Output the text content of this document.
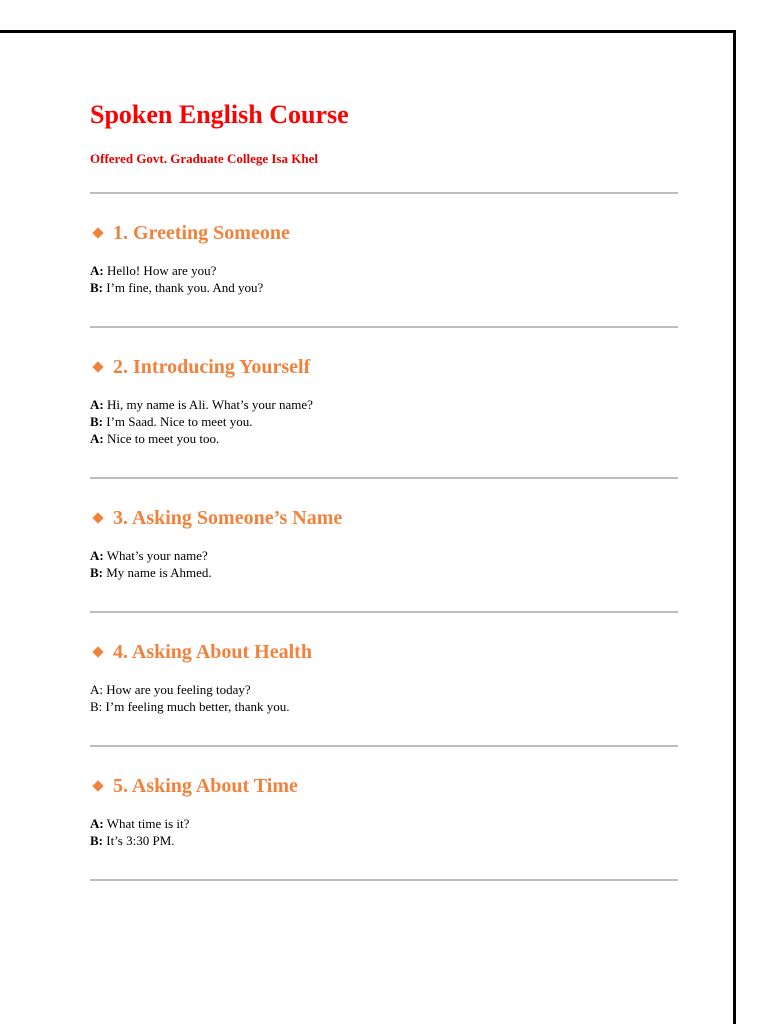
Spoken English Course

Offered Govt. Graduate College Isa Khel

1. Greeting Someone

A: Hello! How are you?

B: I’m fine, thank you. And you?

2. Introducing Yourself

A: Hi, my name is Ali. What’s your name?

B: I’m Saad. Nice to meet you.

A: Nice to meet you too.

3. Asking Someone’s Name

A: What’s your name?

B: My name is Ahmed.

4. Asking About Health

A: How are you feeling today?

B: I’m feeling much better, thank you.

5. Asking About Time

A: What time is it?

B: It’s 3:30 PM.
